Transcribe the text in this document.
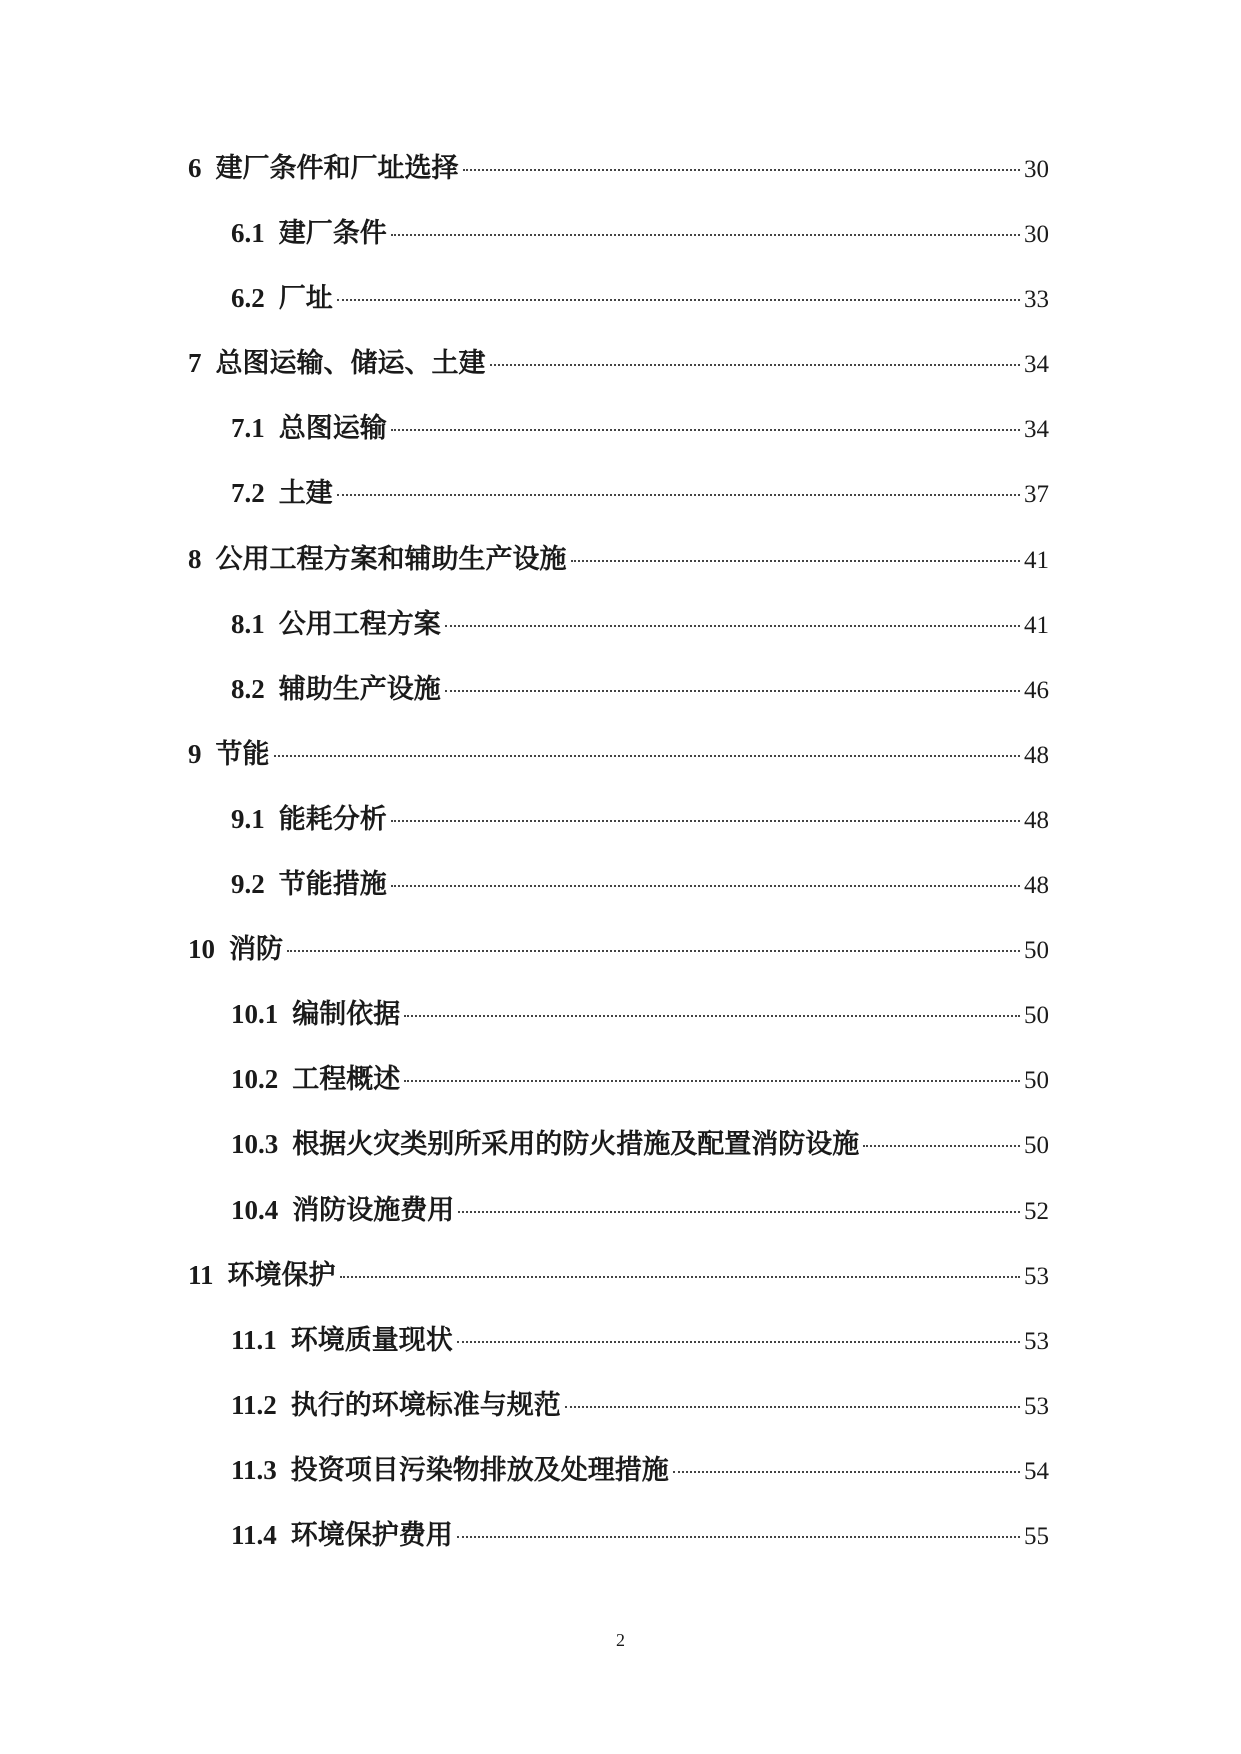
6 建厂条件和厂址选择	30
6.1 建厂条件	30
6.2 厂址	33
7 总图运输、储运、土建	34
7.1 总图运输	34
7.2 土建	37
8 公用工程方案和辅助生产设施	41
8.1 公用工程方案	41
8.2 辅助生产设施	46
9 节能	48
9.1 能耗分析	48
9.2 节能措施	48
10 消防	50
10.1 编制依据	50
10.2 工程概述	50
10.3 根据火灾类别所采用的防火措施及配置消防设施	50
10.4 消防设施费用	52
11 环境保护	53
11.1 环境质量现状	53
11.2 执行的环境标准与规范	53
11.3 投资项目污染物排放及处理措施	54
11.4 环境保护费用	55
2
